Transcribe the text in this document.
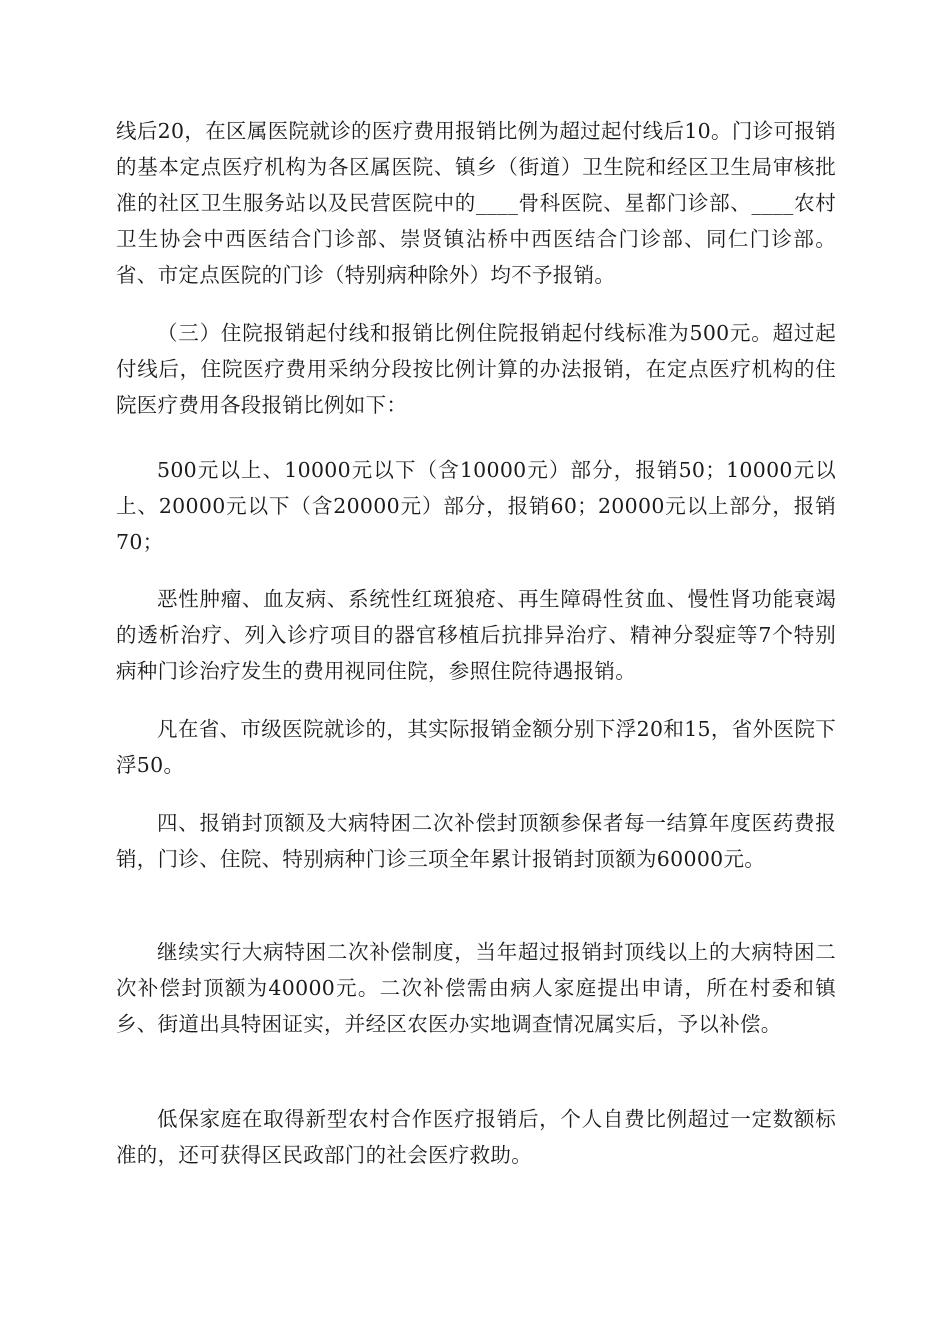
线后20，在区属医院就诊的医疗费用报销比例为超过起付线后10。门诊可报销的基本定点医疗机构为各区属医院、镇乡（街道）卫生院和经区卫生局审核批准的社区卫生服务站以及民营医院中的____骨科医院、星都门诊部、____农村卫生协会中西医结合门诊部、崇贤镇沾桥中西医结合门诊部、同仁门诊部。省、市定点医院的门诊（特别病种除外）均不予报销。

（三）住院报销起付线和报销比例住院报销起付线标准为500元。超过起付线后，住院医疗费用采纳分段按比例计算的办法报销，在定点医疗机构的住院医疗费用各段报销比例如下：

500元以上、10000元以下（含10000元）部分，报销50；10000元以上、20000元以下（含20000元）部分，报销60；20000元以上部分，报销70；

恶性肿瘤、血友病、系统性红斑狼疮、再生障碍性贫血、慢性肾功能衰竭的透析治疗、列入诊疗项目的器官移植后抗排异治疗、精神分裂症等7个特别病种门诊治疗发生的费用视同住院，参照住院待遇报销。

凡在省、市级医院就诊的，其实际报销金额分别下浮20和15，省外医院下浮50。

四、报销封顶额及大病特困二次补偿封顶额参保者每一结算年度医药费报销，门诊、住院、特别病种门诊三项全年累计报销封顶额为60000元。

继续实行大病特困二次补偿制度，当年超过报销封顶线以上的大病特困二次补偿封顶额为40000元。二次补偿需由病人家庭提出申请，所在村委和镇乡、街道出具特困证实，并经区农医办实地调查情况属实后，予以补偿。

低保家庭在取得新型农村合作医疗报销后，个人自费比例超过一定数额标准的，还可获得区民政部门的社会医疗救助。
